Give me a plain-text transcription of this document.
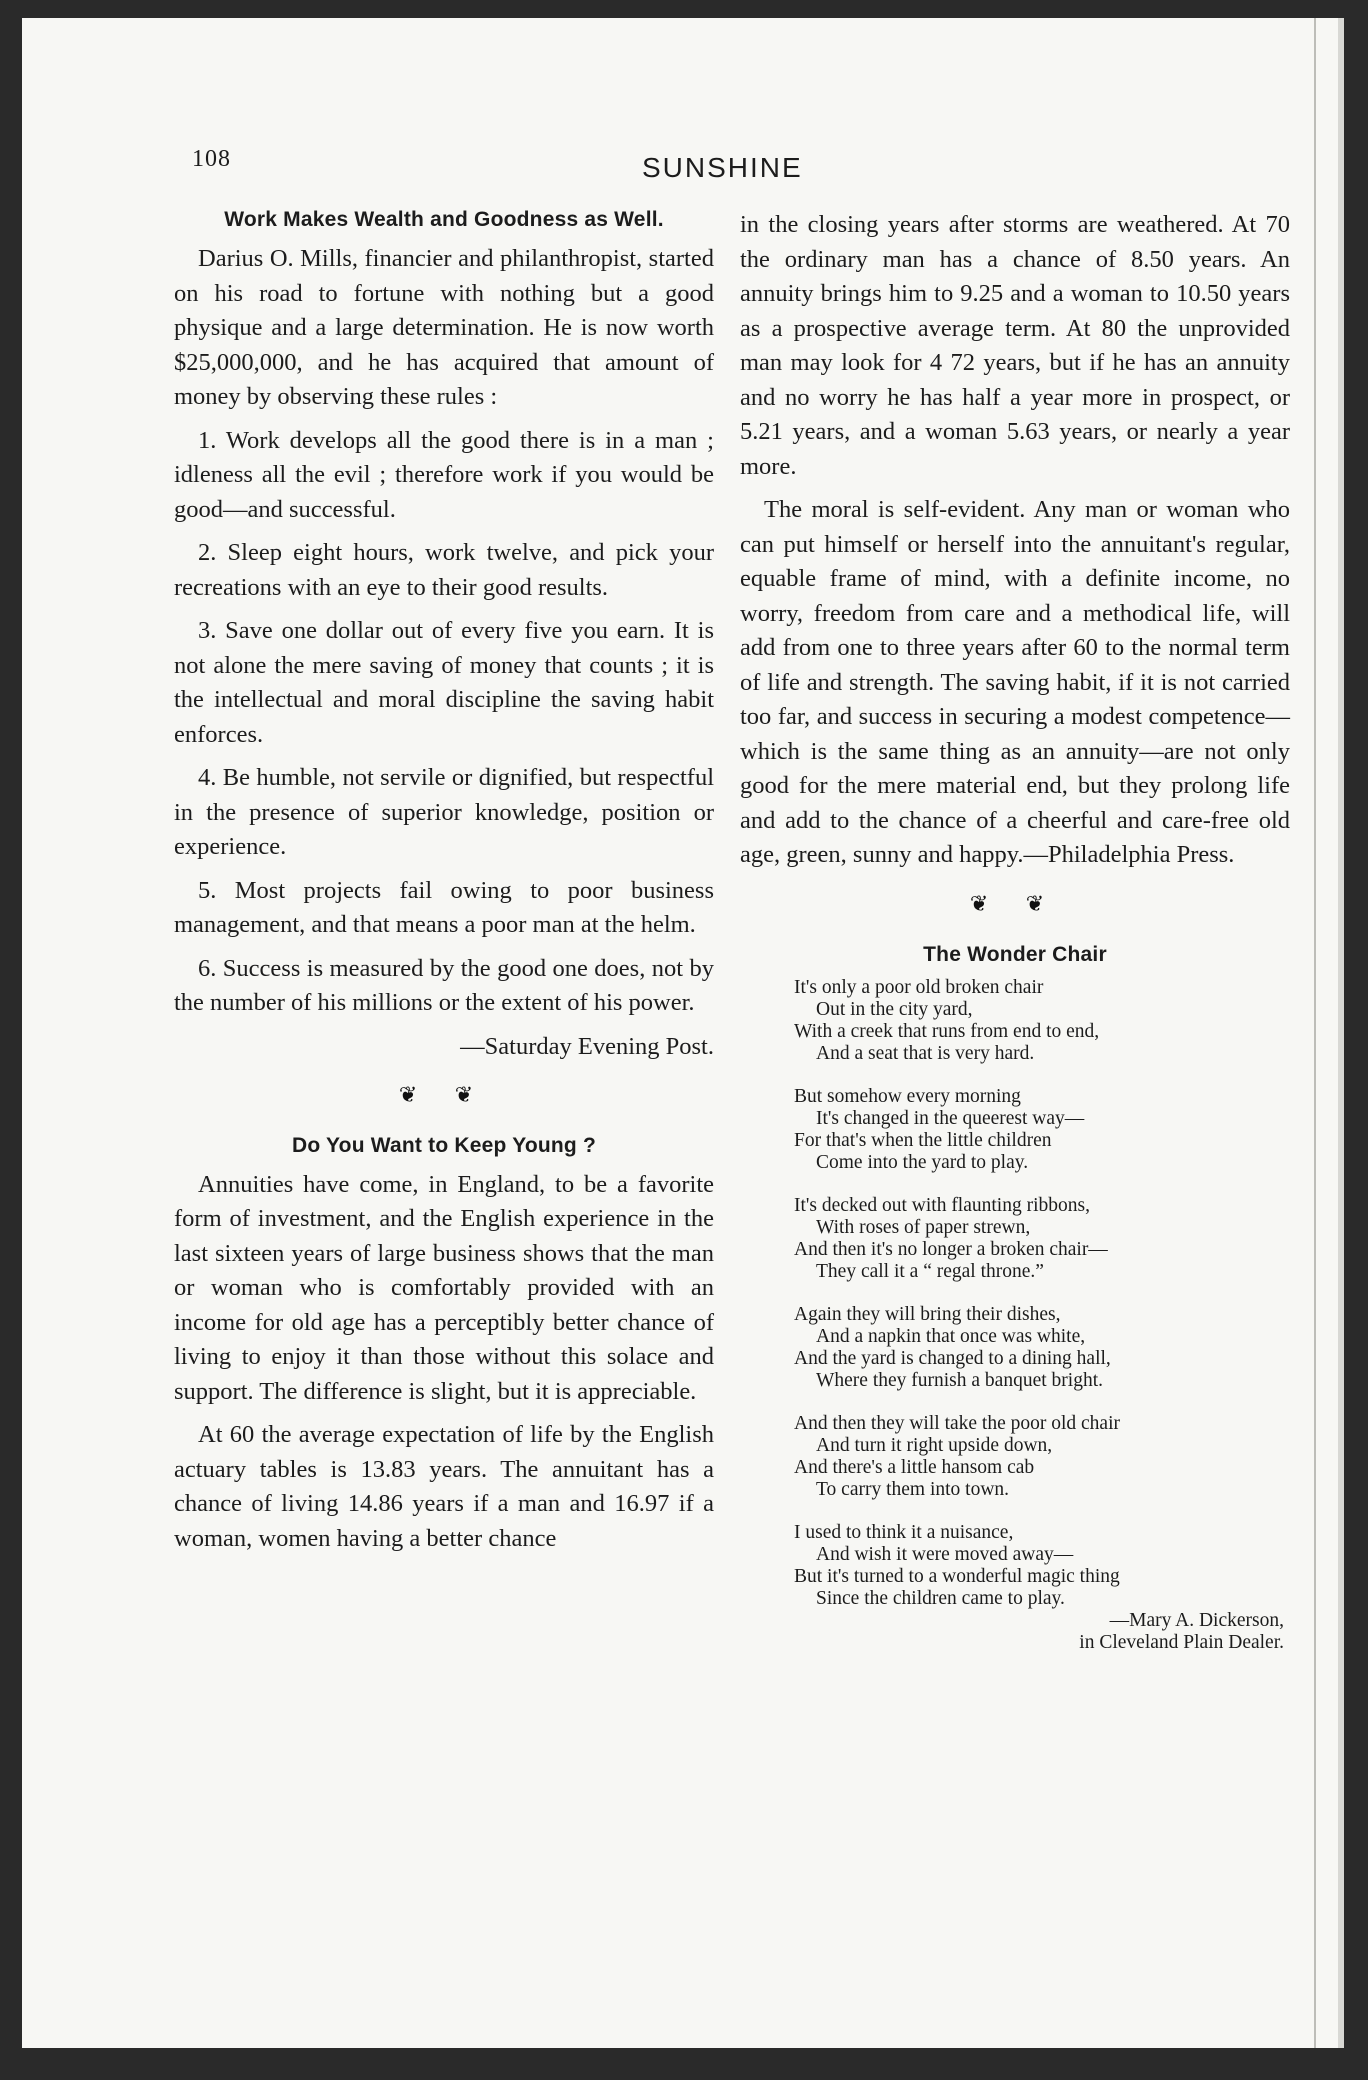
108	SUNSHINE
Work Makes Wealth and Goodness as Well.

Darius O. Mills, financier and philanthropist, started on his road to fortune with nothing but a good physique and a large determination. He is now worth $25,000,000, and he has acquired that amount of money by observing these rules :

1. Work develops all the good there is in a man ; idleness all the evil ; therefore work if you would be good—and successful.

2. Sleep eight hours, work twelve, and pick your recreations with an eye to their good results.

3. Save one dollar out of every five you earn. It is not alone the mere saving of money that counts ; it is the intellectual and moral discipline the saving habit enforces.

4. Be humble, not servile or dignified, but respectful in the presence of superior knowledge, position or experience.

5. Most projects fail owing to poor business management, and that means a poor man at the helm.

6. Success is measured by the good one does, not by the number of his millions or the extent of his power.

—Saturday Evening Post.
❦ ❦
Do You Want to Keep Young ?

Annuities have come, in England, to be a favorite form of investment, and the English experience in the last sixteen years of large business shows that the man or woman who is comfortably provided with an income for old age has a perceptibly better chance of living to enjoy it than those without this solace and support. The difference is slight, but it is appreciable.

At 60 the average expectation of life by the English actuary tables is 13.83 years. The annuitant has a chance of living 14.86 years if a man and 16.97 if a woman, women having a better chance

in the closing years after storms are weathered. At 70 the ordinary man has a chance of 8.50 years. An annuity brings him to 9.25 and a woman to 10.50 years as a prospective average term. At 80 the unprovided man may look for 4 72 years, but if he has an annuity and no worry he has half a year more in prospect, or 5.21 years, and a woman 5.63 years, or nearly a year more.

The moral is self-evident. Any man or woman who can put himself or herself into the annuitant's regular, equable frame of mind, with a definite income, no worry, freedom from care and a methodical life, will add from one to three years after 60 to the normal term of life and strength. The saving habit, if it is not carried too far, and success in securing a modest competence—which is the same thing as an annuity—are not only good for the mere material end, but they prolong life and add to the chance of a cheerful and care-free old age, green, sunny and happy.—Philadelphia Press.

❦ ❦
The Wonder Chair
It's only a poor old broken chair
Out in the city yard,
With a creek that runs from end to end,
And a seat that is very hard.
But somehow every morning
It's changed in the queerest way—
For that's when the little children
Come into the yard to play.
It's decked out with flaunting ribbons,
With roses of paper strewn,
And then it's no longer a broken chair—
They call it a “ regal throne.”
Again they will bring their dishes,
And a napkin that once was white,
And the yard is changed to a dining hall,
Where they furnish a banquet bright.
And then they will take the poor old chair
And turn it right upside down,
And there's a little hansom cab
To carry them into town.
I used to think it a nuisance,
And wish it were moved away—
But it's turned to a wonderful magic thing
Since the children came to play.
—Mary A. Dickerson,
in Cleveland Plain Dealer.
